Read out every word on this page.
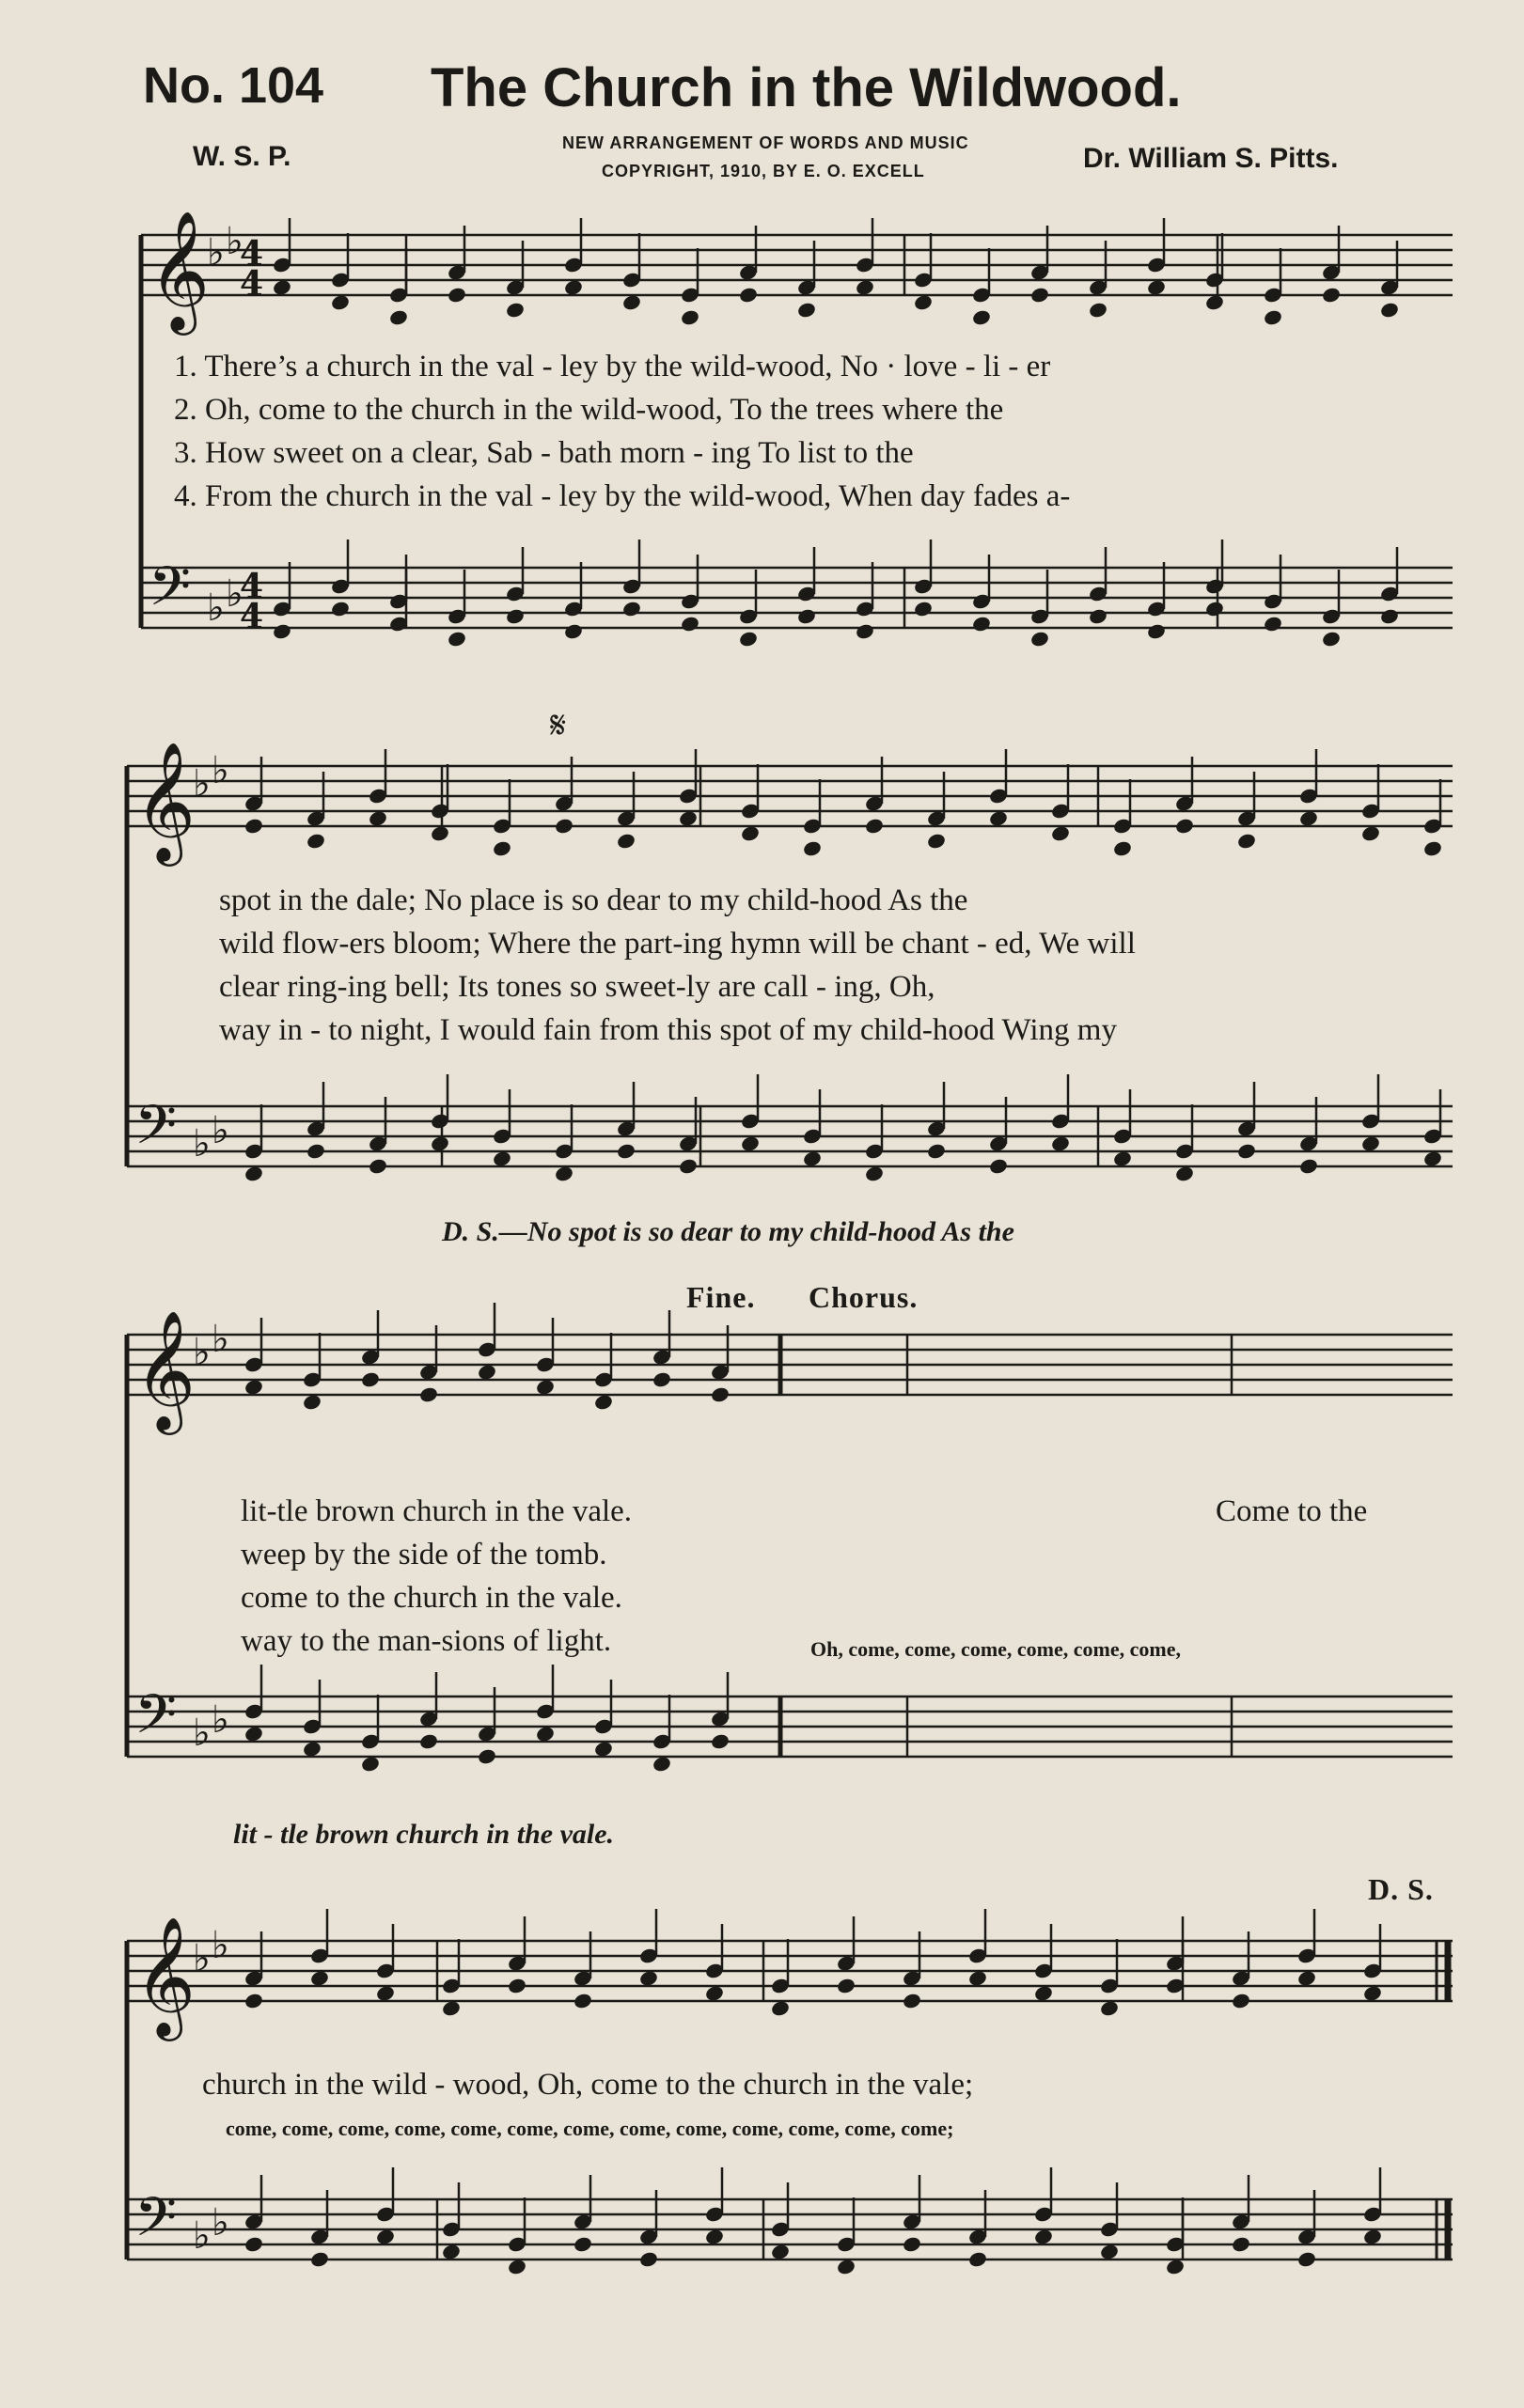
No. 104 The Church in the Wildwood.
W. S. P.	NEW ARRANGEMENT OF WORDS AND MUSIC
COPYRIGHT, 1910, BY E. O. EXCELL	Dr. William S. Pitts.
𝄞
𝄢
♭ ♭
♭ ♭
4
4
4
4
𝄞
𝄢
♭ ♭
♭ ♭
𝄞
𝄢
♭ ♭
♭ ♭
𝄞
𝄢
♭ ♭
♭ ♭
𝄋
1. There’s a church in the val - ley by the wild-wood, No · love - li - er
2. Oh, come to the church in the wild-wood, To the trees where the
3. How sweet on a clear, Sab - bath morn - ing To list to the
4. From the church in the val - ley by the wild-wood, When day fades a-
spot in the dale; No place is so dear to my child-hood As the
wild flow-ers bloom; Where the part-ing hymn will be chant - ed, We will
clear ring-ing bell; Its tones so sweet-ly are call - ing, Oh,
way in - to night, I would fain from this spot of my child-hood Wing my
D. S.—No spot is so dear to my child-hood As the
Fine. Chorus.
lit-tle brown church in the vale.
weep by the side of the tomb.
come to the church in the vale.
way to the man-sions of light.
Come to the
Oh, come, come, come, come, come, come,
lit - tle brown church in the vale.
D. S.
church in the wild - wood, Oh, come to the church in the vale;
come, come, come, come, come, come, come, come, come, come, come, come, come;
